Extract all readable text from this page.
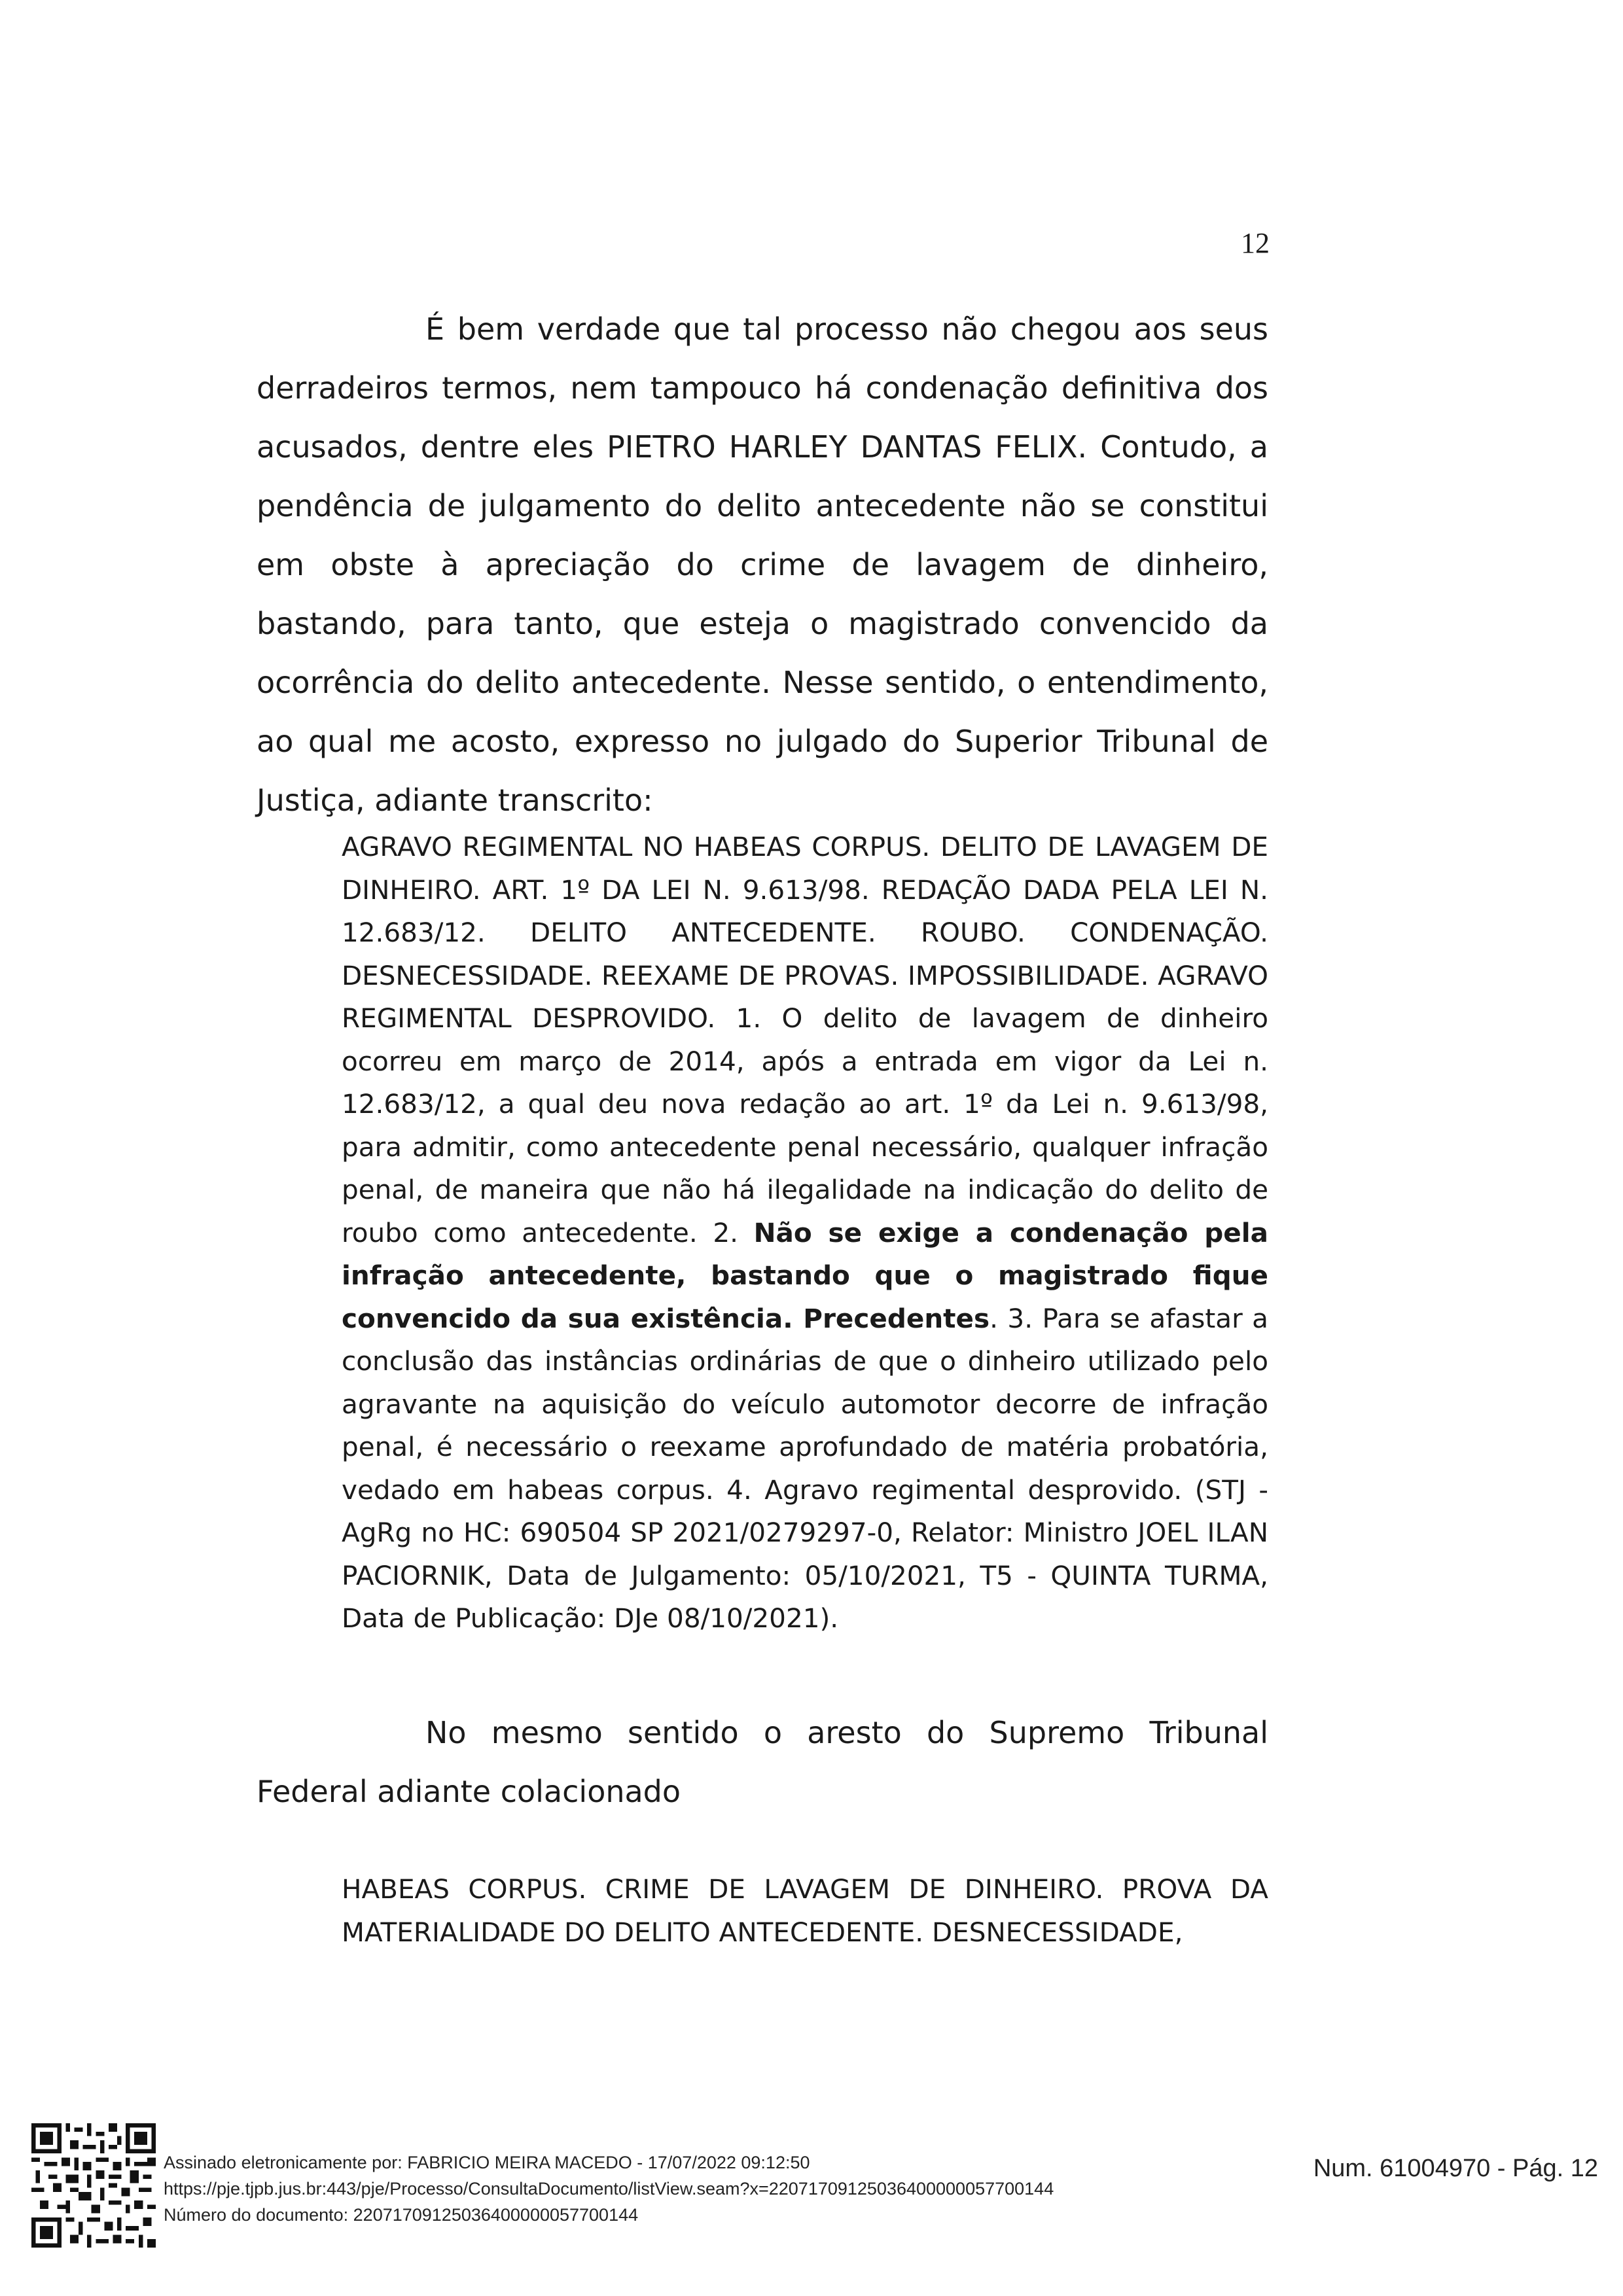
12

É bem verdade que tal processo não chegou aos seus derradeiros termos, nem tampouco há condenação definitiva dos acusados, dentre eles PIETRO HARLEY DANTAS FELIX. Contudo, a pendência de julgamento do delito antecedente não se constitui em obste à apreciação do crime de lavagem de dinheiro, bastando, para tanto, que esteja o magistrado convencido da ocorrência do delito antecedente. Nesse sentido, o entendimento, ao qual me acosto, expresso no julgado do Superior Tribunal de Justiça, adiante transcrito:

AGRAVO REGIMENTAL NO HABEAS CORPUS. DELITO DE LAVAGEM DE DINHEIRO. ART. 1º DA LEI N. 9.613/98. REDAÇÃO DADA PELA LEI N. 12.683/12. DELITO ANTECEDENTE. ROUBO. CONDENAÇÃO. DESNECESSIDADE. REEXAME DE PROVAS. IMPOSSIBILIDADE. AGRAVO REGIMENTAL DESPROVIDO. 1. O delito de lavagem de dinheiro ocorreu em março de 2014, após a entrada em vigor da Lei n. 12.683/12, a qual deu nova redação ao art. 1º da Lei n. 9.613/98, para admitir, como antecedente penal necessário, qualquer infração penal, de maneira que não há ilegalidade na indicação do delito de roubo como antecedente. 2. Não se exige a condenação pela infração antecedente, bastando que o magistrado fique convencido da sua existência. Precedentes. 3. Para se afastar a conclusão das instâncias ordinárias de que o dinheiro utilizado pelo agravante na aquisição do veículo automotor decorre de infração penal, é necessário o reexame aprofundado de matéria probatória, vedado em habeas corpus. 4. Agravo regimental desprovido. (STJ - AgRg no HC: 690504 SP 2021/0279297-0, Relator: Ministro JOEL ILAN PACIORNIK, Data de Julgamento: 05/10/2021, T5 - QUINTA TURMA, Data de Publicação: DJe 08/10/2021).

No mesmo sentido o aresto do Supremo Tribunal Federal adiante colacionado

HABEAS CORPUS. CRIME DE LAVAGEM DE DINHEIRO. PROVA DA MATERIALIDADE DO DELITO ANTECEDENTE. DESNECESSIDADE,

Assinado eletronicamente por: FABRICIO MEIRA MACEDO - 17/07/2022 09:12:50
https://pje.tjpb.jus.br:443/pje/Processo/ConsultaDocumento/listView.seam?x=22071709125036400000057700144
Número do documento: 22071709125036400000057700144
Num. 61004970 - Pág. 12
